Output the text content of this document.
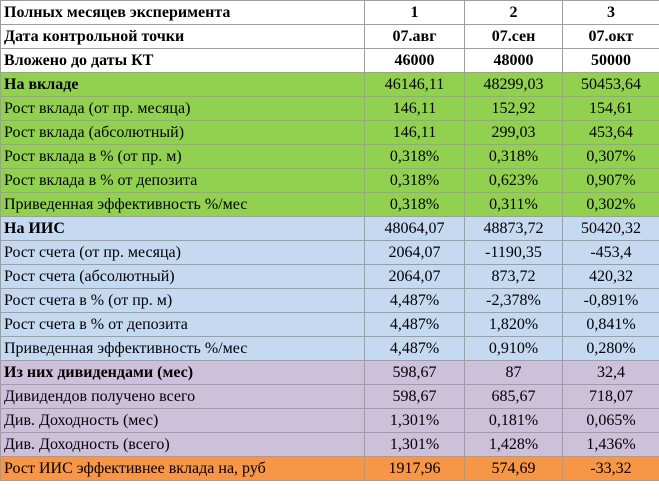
Полных месяцев эксперимента	1	2	3
Дата контрольной точки	07.авг	07.сен	07.окт
Вложено до даты КТ	46000	48000	50000
На вкладе	46146,11	48299,03	50453,64
Рост вклада (от пр. месяца)	146,11	152,92	154,61
Рост вклада (абсолютный)	146,11	299,03	453,64
Рост вклада в % (от пр. м)	0,318%	0,318%	0,307%
Рост вклада в % от депозита	0,318%	0,623%	0,907%
Приведенная эффективность %/мес	0,318%	0,311%	0,302%
На ИИС	48064,07	48873,72	50420,32
Рост счета (от пр. месяца)	2064,07	-1190,35	-453,4
Рост счета (абсолютный)	2064,07	873,72	420,32
Рост счета в % (от пр. м)	4,487%	-2,378%	-0,891%
Рост счета в % от депозита	4,487%	1,820%	0,841%
Приведенная эффективность %/мес	4,487%	0,910%	0,280%
Из них дивидендами (мес)	598,67	87	32,4
Дивидендов получено всего	598,67	685,67	718,07
Див. Доходность (мес)	1,301%	0,181%	0,065%
Див. Доходность (всего)	1,301%	1,428%	1,436%
Рост ИИС эффективнее вклада на, руб	1917,96	574,69	-33,32
